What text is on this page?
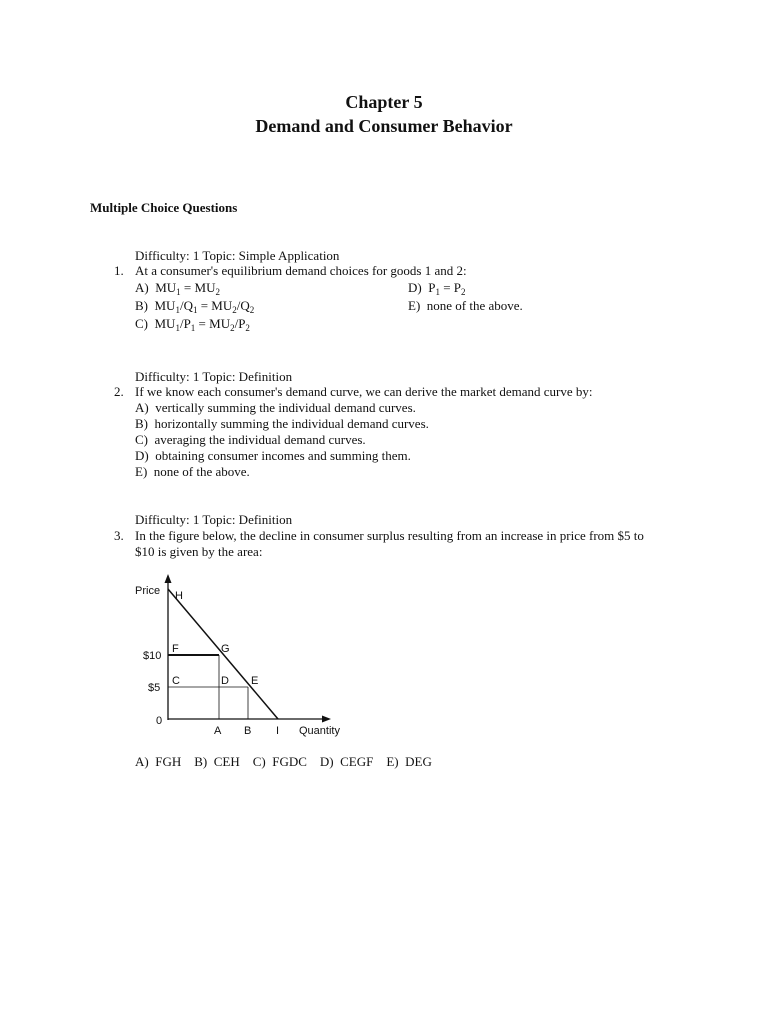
Chapter 5
Demand and Consumer Behavior
Multiple Choice Questions
Difficulty: 1 Topic: Simple Application
1. At a consumer's equilibrium demand choices for goods 1 and 2:
A) $MU_1 = MU_2$
B) $MU_1/Q_1 = MU_2/Q_2$
C) $MU_1/P_1 = MU_2/P_2$
D) $P_1 = P_2$
E) none of the above.
Difficulty: 1 Topic: Definition
2. If we know each consumer's demand curve, we can derive the market demand curve by:
A) vertically summing the individual demand curves.
B) horizontally summing the individual demand curves.
C) averaging the individual demand curves.
D) obtaining consumer incomes and summing them.
E) none of the above.
Difficulty: 1 Topic: Definition
3. In the figure below, the decline in consumer surplus resulting from an increase in price from $5 to
$10 is given by the area:
Price
Quantity
$10
$5
0
A B I
H
F	G
C	D E
A)  FGH    B)  CEH    C)  FGDC    D)  CEGF    E)  DEG
